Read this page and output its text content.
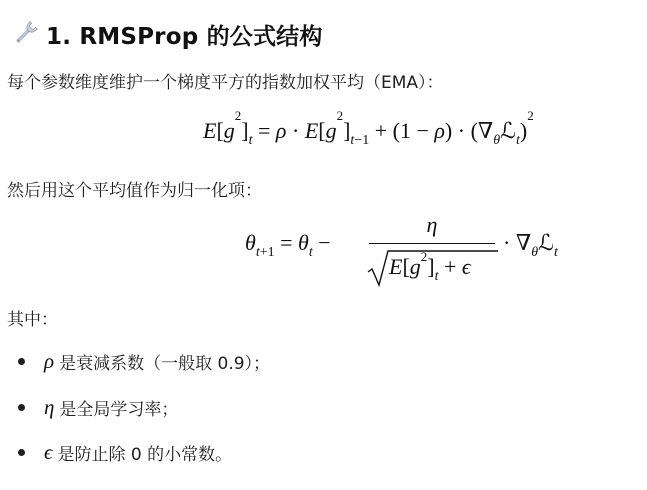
1. RMSProp 的公式结构
每个参数维度维护一个梯度平方的指数加权平均（EMA）：
$E[g^2]_t = \rho \cdot E[g^2]_{t-1} + (1 - \rho)$ · $(\nabla_\theta ℒ_t)^2$
然后用这个平均值作为归一化项：
$\theta_{t+1} = \theta_t$ −
η
$E[g^2]_t + \epsilon$
· $\nabla_\theta ℒ_t$
其中：
ρ 是衰减系数（一般取 0.9）；
η 是全局学习率；
ϵ 是防止除 0 的小常数。
